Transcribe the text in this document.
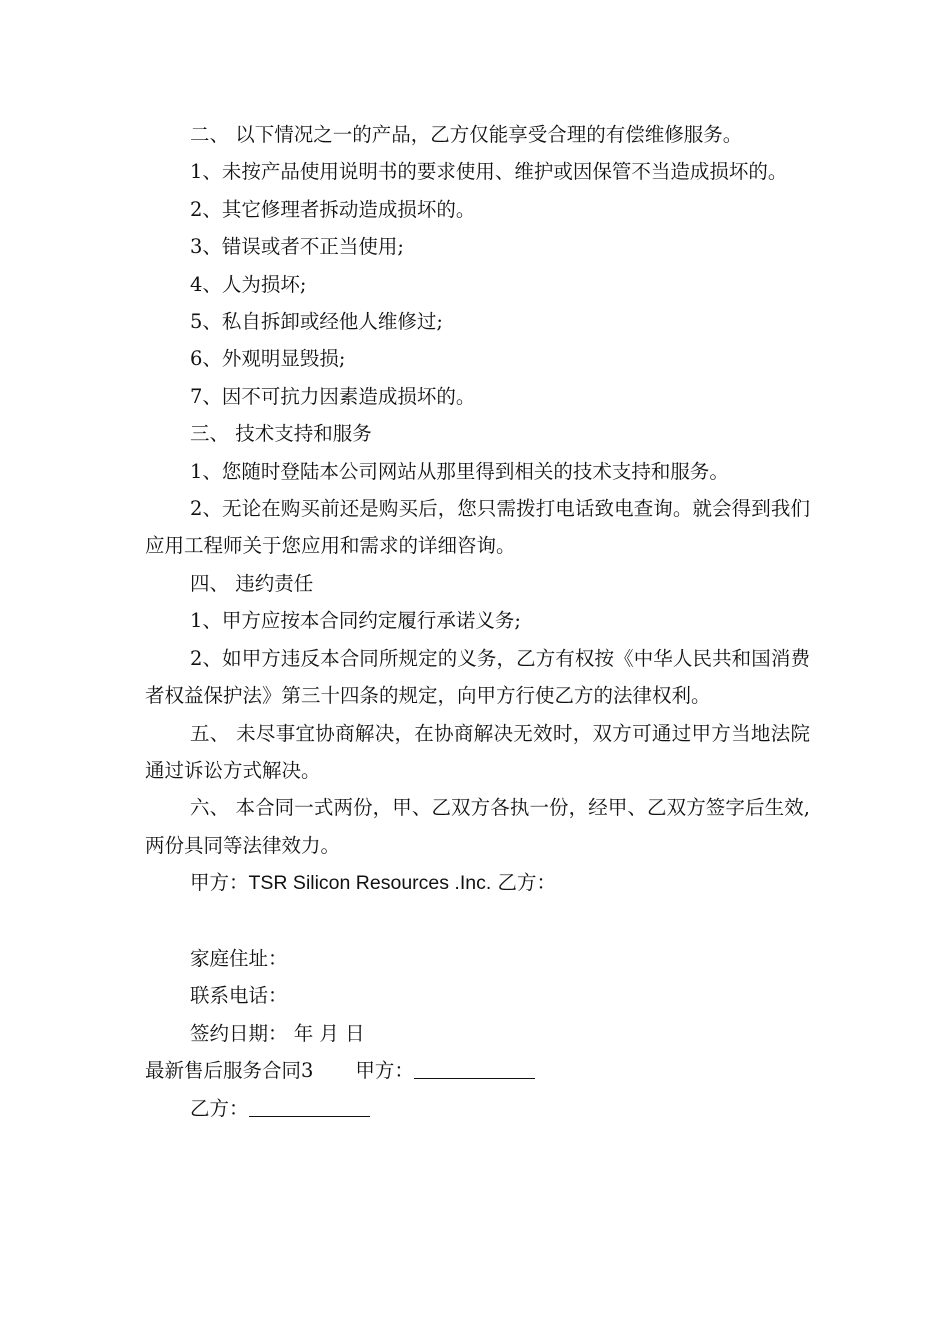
二、 以下情况之一的产品，乙方仅能享受合理的有偿维修服务。

1、未按产品使用说明书的要求使用、维护或因保管不当造成损坏的。

2、其它修理者拆动造成损坏的。

3、错误或者不正当使用;

4、人为损坏;

5、私自拆卸或经他人维修过;

6、外观明显毁损;

7、因不可抗力因素造成损坏的。

三、 技术支持和服务

1、您随时登陆本公司网站从那里得到相关的技术支持和服务。

2、无论在购买前还是购买后，您只需拨打电话致电查询。就会得到我们应用工程师关于您应用和需求的详细咨询。

四、 违约责任

1、甲方应按本合同约定履行承诺义务;

2、如甲方违反本合同所规定的义务，乙方有权按《中华人民共和国消费者权益保护法》第三十四条的规定，向甲方行使乙方的法律权利。

五、 未尽事宜协商解决，在协商解决无效时，双方可通过甲方当地法院通过诉讼方式解决。

六、 本合同一式两份，甲、乙双方各执一份，经甲、乙双方签字后生效, 两份具同等法律效力。

甲方：TSR Silicon Resources .Inc. 乙方：

家庭住址：

联系电话：

签约日期： 年 月 日

最新售后服务合同3 甲方：

乙方：
